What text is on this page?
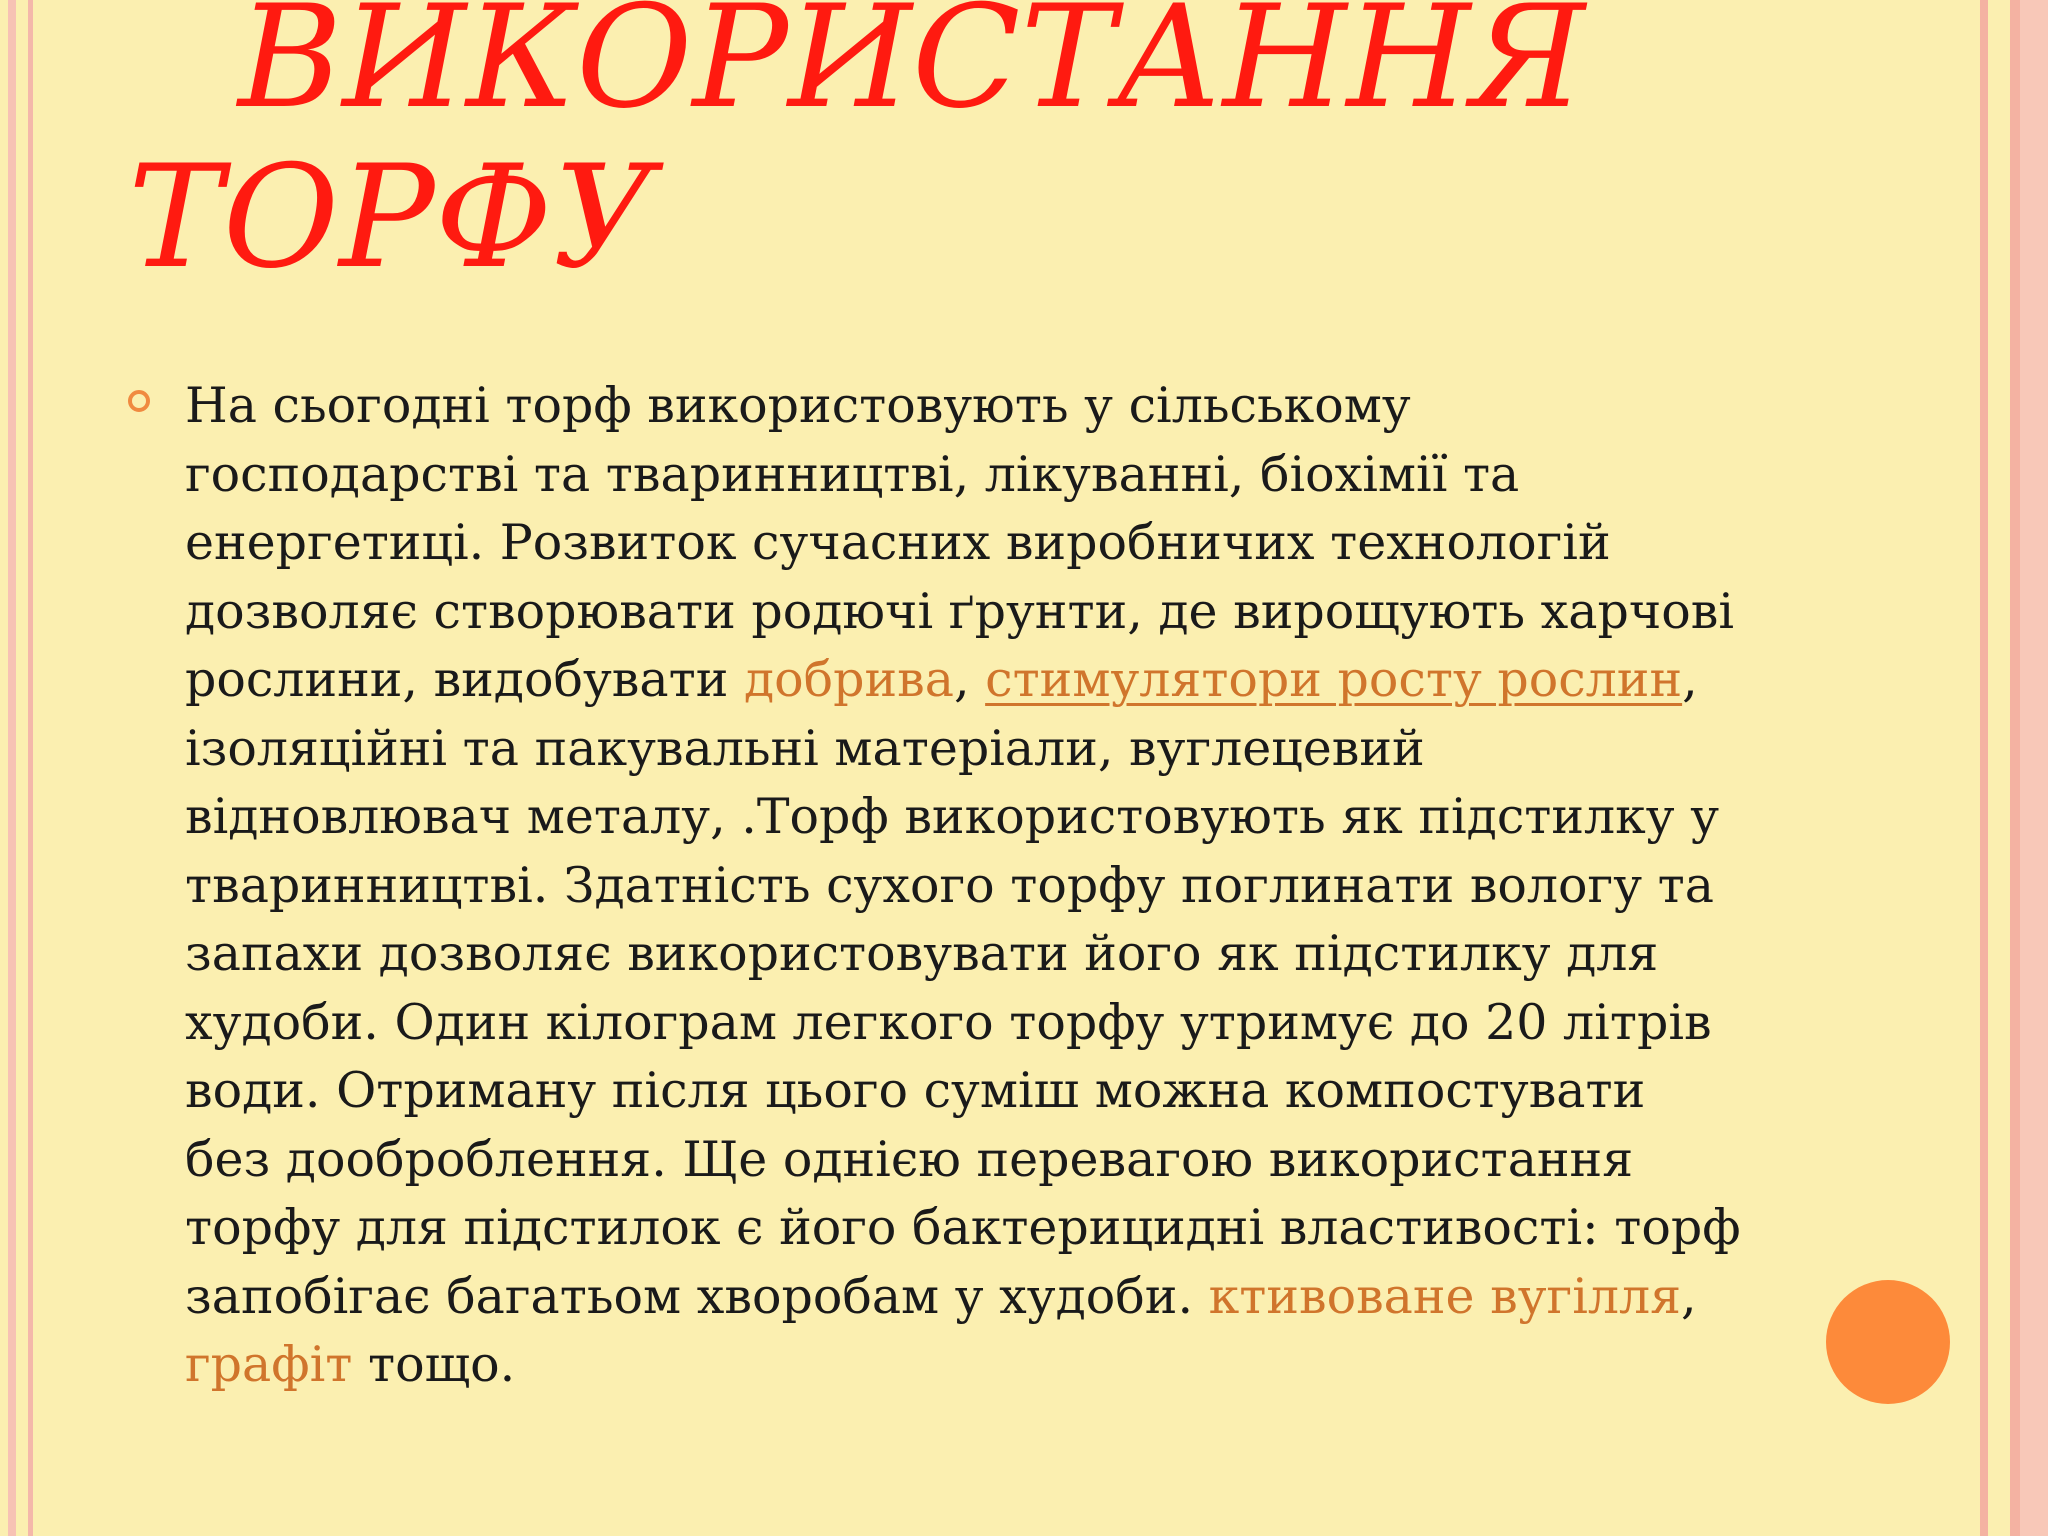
ВИКОРИСТАННЯ
ТОРФУ

На сьогодні торф використовують у сільському господарстві та тваринництві, лікуванні, біохімії та енергетиці. Розвиток сучасних виробничих технологій дозволяє створювати родючі ґрунти, де вирощують харчові рослини, видобувати добрива, стимулятори росту рослин, ізоляційні та пакувальні матеріали, вуглецевий відновлювач металу, .Торф використовують як підстилку у тваринництві. Здатність сухого торфу поглинати вологу та запахи дозволяє використовувати його як підстилку для худоби. Один кілограм легкого торфу утримує до 20 літрів води. Отриману після цього суміш можна компостувати без дооброблення. Ще однією перевагою використання торфу для підстилок є його бактерицидні властивості: торф запобігає багатьом хворобам у худоби. ктивоване вугілля, графіт тощо.
